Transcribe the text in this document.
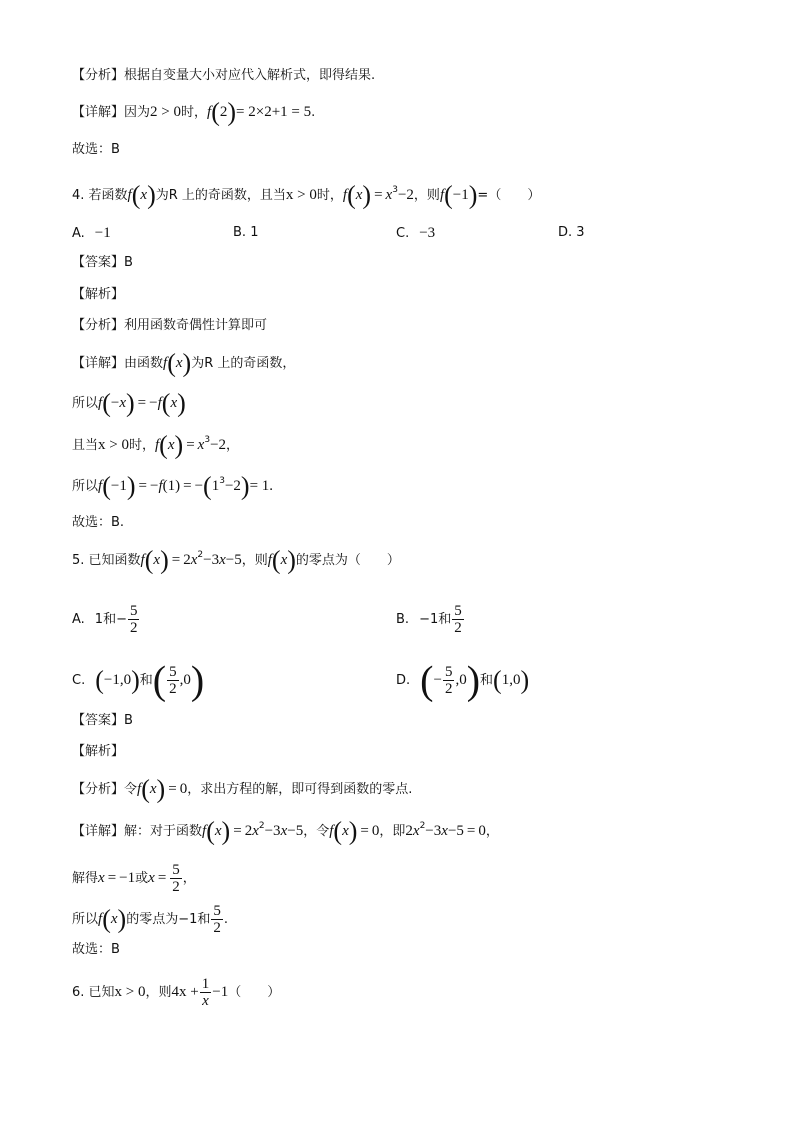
【分析】根据自变量大小对应代入解析式，即得结果.
【详解】因为2 > 0时，f(2)= 2×2+1 = 5.
故选：B
4. 若函数f(x)为R 上的奇函数，且当x > 0时，$f(x) = x^3-2$，则f(−1)=（　　）
A. −1	B. 1	C. −3	D. 3
【答案】B
【解析】
【分析】利用函数奇偶性计算即可
【详解】由函数f(x)为R 上的奇函数，
所以f(−x) = −f(x)
且当x > 0时，$f(x) = x^3-2$，
所以$f(-1) = -f(1) = -(1^3-2)= 1$.
故选：B.
5. 已知函数$f(x) = 2x^2-3x-5$，则f(x)的零点为（　　）
A. 1和− $\frac{5}{2}$	B. −1和 $\frac{5}{2}$
C. (−1,0)和( $\frac{5}{2} ,0$)	D. (− $\frac{5}{2} ,0$)和(1,0)
【答案】B
【解析】
【分析】令f(x) = 0，求出方程的解，即可得到函数的零点.
【详解】解：对于函数$f(x) = 2x^2-3x-5$，令f(x) = 0，即$2x^2-3x-5 = 0$，
解得x = −1或$x = \frac{5}{2}$ ，
所以f(x)的零点为−1和 $\frac{5}{2}$ .
故选：B
6. 已知x > 0，则$4x + \frac{1}{x} -1$（　　）
